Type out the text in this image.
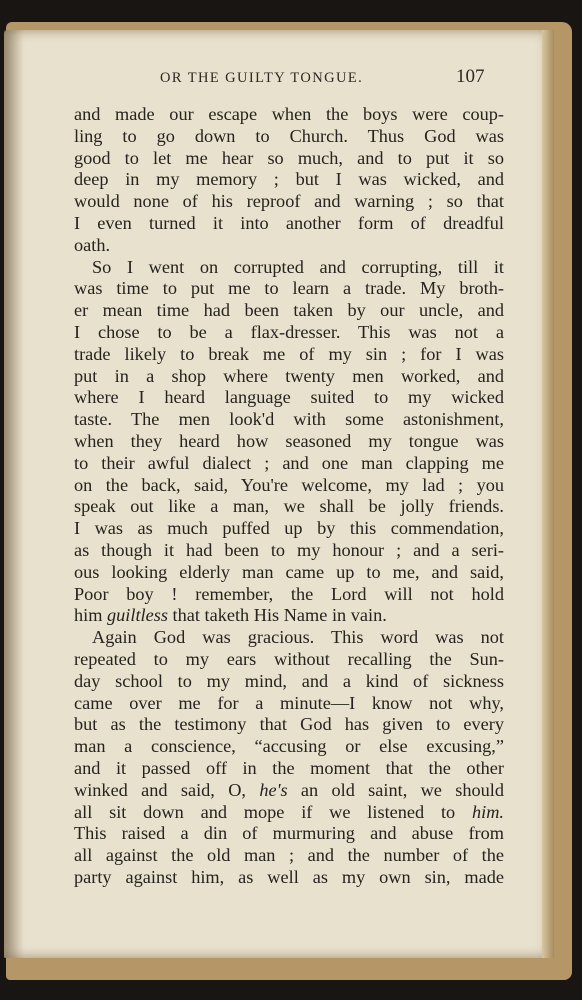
OR THE GUILTY TONGUE.	107
and made our escape when the boys were coup-
ling to go down to Church. Thus God was
good to let me hear so much, and to put it so
deep in my memory ; but I was wicked, and
would none of his reproof and warning ; so that
I even turned it into another form of dreadful
oath.
So I went on corrupted and corrupting, till it
was time to put me to learn a trade. My broth-
er mean time had been taken by our uncle, and
I chose to be a flax-dresser. This was not a
trade likely to break me of my sin ; for I was
put in a shop where twenty men worked, and
where I heard language suited to my wicked
taste. The men look'd with some astonishment,
when they heard how seasoned my tongue was
to their awful dialect ; and one man clapping me
on the back, said, You're welcome, my lad ; you
speak out like a man, we shall be jolly friends.
I was as much puffed up by this commendation,
as though it had been to my honour ; and a seri-
ous looking elderly man came up to me, and said,
Poor boy ! remember, the Lord will not hold
him guiltless that taketh His Name in vain.
Again God was gracious. This word was not
repeated to my ears without recalling the Sun-
day school to my mind, and a kind of sickness
came over me for a minute—I know not why,
but as the testimony that God has given to every
man a conscience, “accusing or else excusing,”
and it passed off in the moment that the other
winked and said, O, he's an old saint, we should
all sit down and mope if we listened to him.
This raised a din of murmuring and abuse from
all against the old man ; and the number of the
party against him, as well as my own sin, made
